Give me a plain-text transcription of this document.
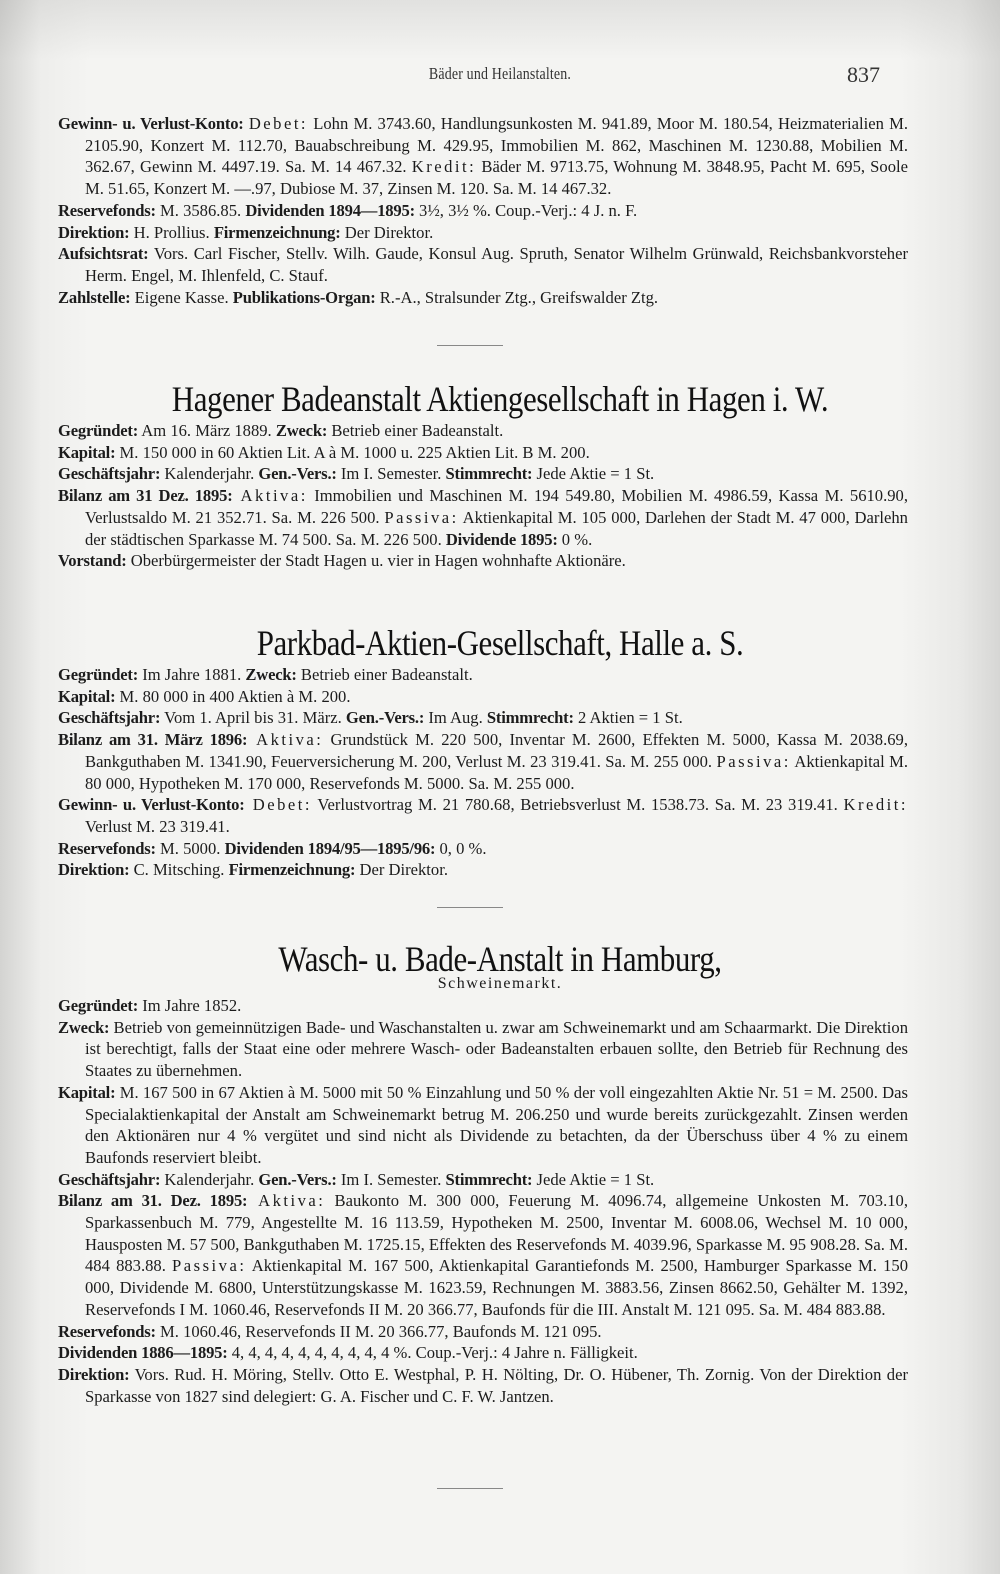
Bäder und Heilanstalten.	837

Gewinn- u. Verlust-Konto: Debet: Lohn M. 3743.60, Handlungsunkosten M. 941.89, Moor M. 180.54, Heizmaterialien M. 2105.90, Konzert M. 112.70, Bauabschreibung M. 429.95, Immobilien M. 862, Maschinen M. 1230.88, Mobilien M. 362.67, Gewinn M. 4497.19. Sa. M. 14 467.32. Kredit: Bäder M. 9713.75, Wohnung M. 3848.95, Pacht M. 695, Soole M. 51.65, Konzert M. —.97, Dubiose M. 37, Zinsen M. 120. Sa. M. 14 467.32.

Reservefonds: M. 3586.85. Dividenden 1894—1895: 3½, 3½ %. Coup.-Verj.: 4 J. n. F.

Direktion: H. Prollius. Firmenzeichnung: Der Direktor.

Aufsichtsrat: Vors. Carl Fischer, Stellv. Wilh. Gaude, Konsul Aug. Spruth, Senator Wilhelm Grünwald, Reichsbankvorsteher Herm. Engel, M. Ihlenfeld, C. Stauf.

Zahlstelle: Eigene Kasse. Publikations-Organ: R.-A., Stralsunder Ztg., Greifswalder Ztg.

Hagener Badeanstalt Aktiengesellschaft in Hagen i. W.

Gegründet: Am 16. März 1889. Zweck: Betrieb einer Badeanstalt.

Kapital: M. 150 000 in 60 Aktien Lit. A à M. 1000 u. 225 Aktien Lit. B M. 200.

Geschäftsjahr: Kalenderjahr. Gen.-Vers.: Im I. Semester. Stimmrecht: Jede Aktie = 1 St.

Bilanz am 31 Dez. 1895: Aktiva: Immobilien und Maschinen M. 194 549.80, Mobilien M. 4986.59, Kassa M. 5610.90, Verlustsaldo M. 21 352.71. Sa. M. 226 500. Passiva: Aktienkapital M. 105 000, Darlehen der Stadt M. 47 000, Darlehn der städtischen Sparkasse M. 74 500. Sa. M. 226 500. Dividende 1895: 0 %.

Vorstand: Oberbürgermeister der Stadt Hagen u. vier in Hagen wohnhafte Aktionäre.

Parkbad-Aktien-Gesellschaft, Halle a. S.

Gegründet: Im Jahre 1881. Zweck: Betrieb einer Badeanstalt.

Kapital: M. 80 000 in 400 Aktien à M. 200.

Geschäftsjahr: Vom 1. April bis 31. März. Gen.-Vers.: Im Aug. Stimmrecht: 2 Aktien = 1 St.

Bilanz am 31. März 1896: Aktiva: Grundstück M. 220 500, Inventar M. 2600, Effekten M. 5000, Kassa M. 2038.69, Bankguthaben M. 1341.90, Feuerversicherung M. 200, Verlust M. 23 319.41. Sa. M. 255 000. Passiva: Aktienkapital M. 80 000, Hypotheken M. 170 000, Reservefonds M. 5000. Sa. M. 255 000.

Gewinn- u. Verlust-Konto: Debet: Verlustvortrag M. 21 780.68, Betriebsverlust M. 1538.73. Sa. M. 23 319.41. Kredit: Verlust M. 23 319.41.

Reservefonds: M. 5000. Dividenden 1894/95—1895/96: 0, 0 %.

Direktion: C. Mitsching. Firmenzeichnung: Der Direktor.

Wasch- u. Bade-Anstalt in Hamburg,
Schweinemarkt.

Gegründet: Im Jahre 1852.

Zweck: Betrieb von gemeinnützigen Bade- und Waschanstalten u. zwar am Schweinemarkt und am Schaarmarkt. Die Direktion ist berechtigt, falls der Staat eine oder mehrere Wasch- oder Badeanstalten erbauen sollte, den Betrieb für Rechnung des Staates zu übernehmen.

Kapital: M. 167 500 in 67 Aktien à M. 5000 mit 50 % Einzahlung und 50 % der voll eingezahlten Aktie Nr. 51 = M. 2500. Das Specialaktienkapital der Anstalt am Schweinemarkt betrug M. 206.250 und wurde bereits zurückgezahlt. Zinsen werden den Aktionären nur 4 % vergütet und sind nicht als Dividende zu betachten, da der Überschuss über 4 % zu einem Baufonds reserviert bleibt.

Geschäftsjahr: Kalenderjahr. Gen.-Vers.: Im I. Semester. Stimmrecht: Jede Aktie = 1 St.

Bilanz am 31. Dez. 1895: Aktiva: Baukonto M. 300 000, Feuerung M. 4096.74, allgemeine Unkosten M. 703.10, Sparkassenbuch M. 779, Angestellte M. 16 113.59, Hypotheken M. 2500, Inventar M. 6008.06, Wechsel M. 10 000, Hausposten M. 57 500, Bankguthaben M. 1725.15, Effekten des Reservefonds M. 4039.96, Sparkasse M. 95 908.28. Sa. M. 484 883.88. Passiva: Aktienkapital M. 167 500, Aktienkapital Garantiefonds M. 2500, Hamburger Sparkasse M. 150 000, Dividende M. 6800, Unterstützungskasse M. 1623.59, Rechnungen M. 3883.56, Zinsen 8662.50, Gehälter M. 1392, Reservefonds I M. 1060.46, Reservefonds II M. 20 366.77, Baufonds für die III. Anstalt M. 121 095. Sa. M. 484 883.88.

Reservefonds: M. 1060.46, Reservefonds II M. 20 366.77, Baufonds M. 121 095.

Dividenden 1886—1895: 4, 4, 4, 4, 4, 4, 4, 4, 4, 4 %. Coup.-Verj.: 4 Jahre n. Fälligkeit.

Direktion: Vors. Rud. H. Möring, Stellv. Otto E. Westphal, P. H. Nölting, Dr. O. Hübener, Th. Zornig. Von der Direktion der Sparkasse von 1827 sind delegiert: G. A. Fischer und C. F. W. Jantzen.
